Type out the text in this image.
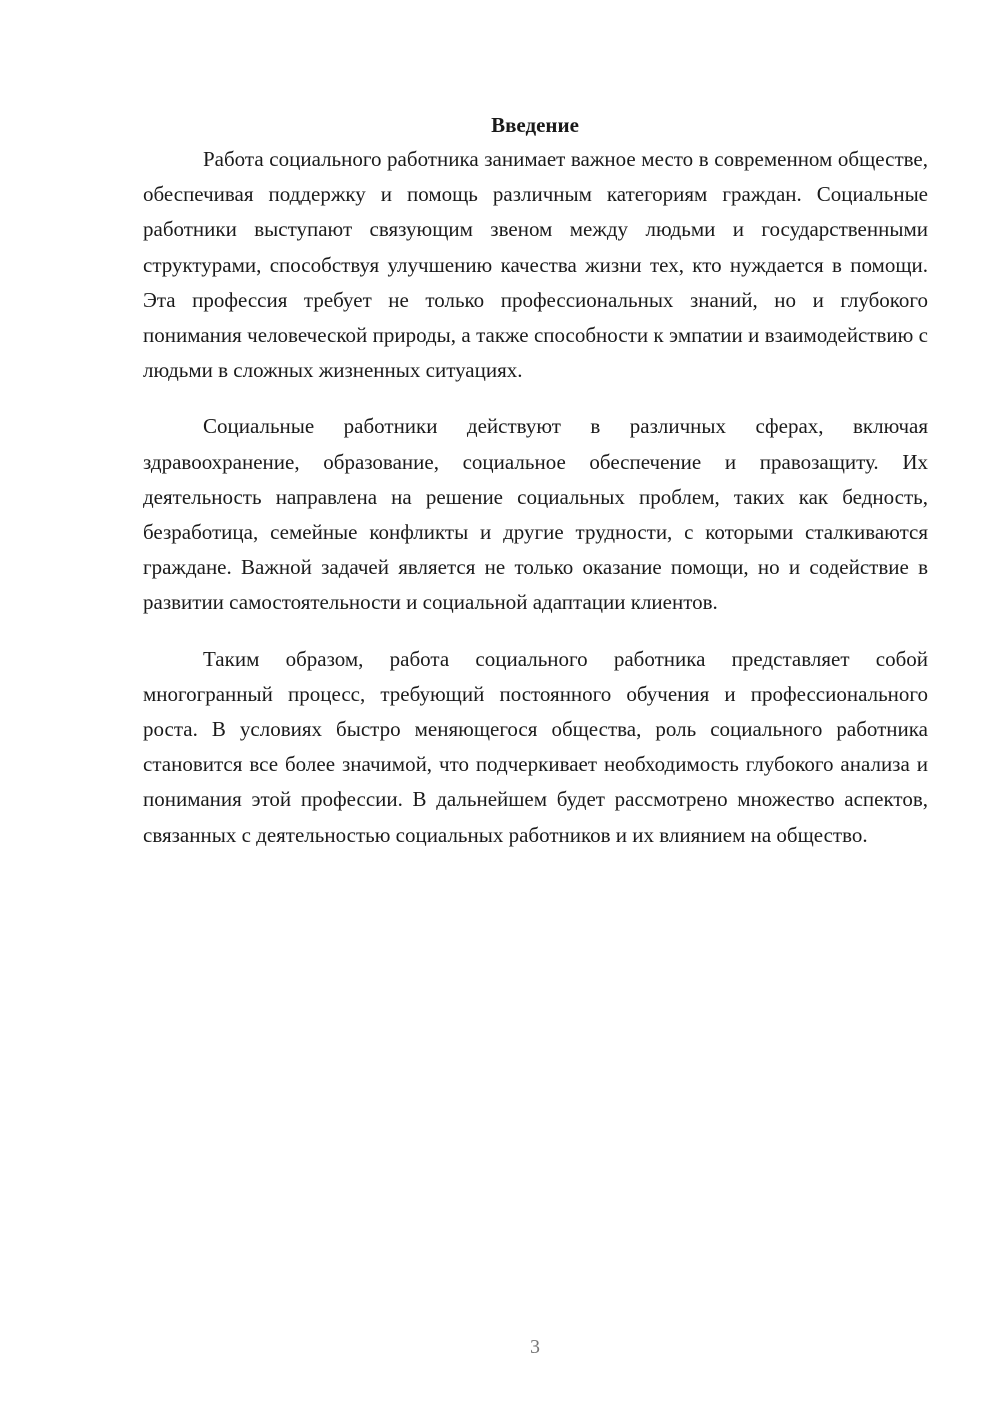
Введение

Работа социального работника занимает важное место в современном обществе, обеспечивая поддержку и помощь различным категориям граждан. Социальные работники выступают связующим звеном между людьми и государственными структурами, способствуя улучшению качества жизни тех, кто нуждается в помощи. Эта профессия требует не только профессиональных знаний, но и глубокого понимания человеческой природы, а также способности к эмпатии и взаимодействию с людьми в сложных жизненных ситуациях.

Социальные работники действуют в различных сферах, включая здравоохранение, образование, социальное обеспечение и правозащиту. Их деятельность направлена на решение социальных проблем, таких как бедность, безработица, семейные конфликты и другие трудности, с которыми сталкиваются граждане. Важной задачей является не только оказание помощи, но и содействие в развитии самостоятельности и социальной адаптации клиентов.

Таким образом, работа социального работника представляет собой многогранный процесс, требующий постоянного обучения и профессионального роста. В условиях быстро меняющегося общества, роль социального работника становится все более значимой, что подчеркивает необходимость глубокого анализа и понимания этой профессии. В дальнейшем будет рассмотрено множество аспектов, связанных с деятельностью социальных работников и их влиянием на общество.

3
